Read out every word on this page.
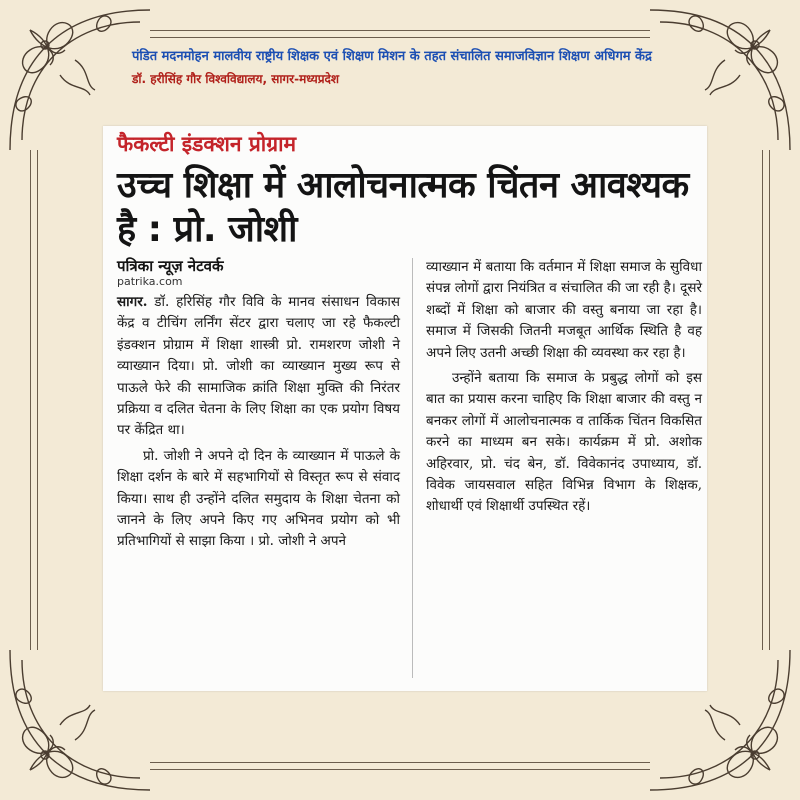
पंडित मदनमोहन मालवीय राष्ट्रीय शिक्षक एवं शिक्षण मिशन के तहत संचालित समाजविज्ञान शिक्षण अधिगम केंद्र
डॉ. हरीसिंह गौर विश्वविद्यालय, सागर-मध्यप्रदेश
फैकल्टी इंडक्शन प्रोग्राम
उच्च शिक्षा में आलोचनात्मक चिंतन आवश्यक है : प्रो. जोशी
पत्रिका न्यूज़ नेटवर्क
patrika.com

सागर. डॉ. हरिसिंह गौर विवि के मानव संसाधन विकास केंद्र व टीचिंग लर्निंग सेंटर द्वारा चलाए जा रहे फैकल्टी इंडक्शन प्रोग्राम में शिक्षा शास्त्री प्रो. रामशरण जोशी ने व्याख्यान दिया। प्रो. जोशी का व्याख्यान मुख्य रूप से पाऊले फेरे की सामाजिक क्रांति शिक्षा मुक्ति की निरंतर प्रक्रिया व दलित चेतना के लिए शिक्षा का एक प्रयोग विषय पर केंद्रित था।

प्रो. जोशी ने अपने दो दिन के व्याख्यान में पाऊले के शिक्षा दर्शन के बारे में सहभागियों से विस्तृत रूप से संवाद किया। साथ ही उन्होंने दलित समुदाय के शिक्षा चेतना को जानने के लिए अपने किए गए अभिनव प्रयोग को भी प्रतिभागियों से साझा किया । प्रो. जोशी ने अपने

व्याख्यान में बताया कि वर्तमान में शिक्षा समाज के सुविधा संपन्न लोगों द्वारा नियंत्रित व संचालित की जा रही है। दूसरे शब्दों में शिक्षा को बाजार की वस्तु बनाया जा रहा है। समाज में जिसकी जितनी मजबूत आर्थिक स्थिति है वह अपने लिए उतनी अच्छी शिक्षा की व्यवस्था कर रहा है।

उन्होंने बताया कि समाज के प्रबुद्ध लोगों को इस बात का प्रयास करना चाहिए कि शिक्षा बाजार की वस्तु न बनकर लोगों में आलोचनात्मक व तार्किक चिंतन विकसित करने का माध्यम बन सके। कार्यक्रम में प्रो. अशोक अहिरवार, प्रो. चंद बेन, डॉ. विवेकानंद उपाध्याय, डॉ. विवेक जायसवाल सहित विभिन्न विभाग के शिक्षक, शोधार्थी एवं शिक्षार्थी उपस्थित रहें।
